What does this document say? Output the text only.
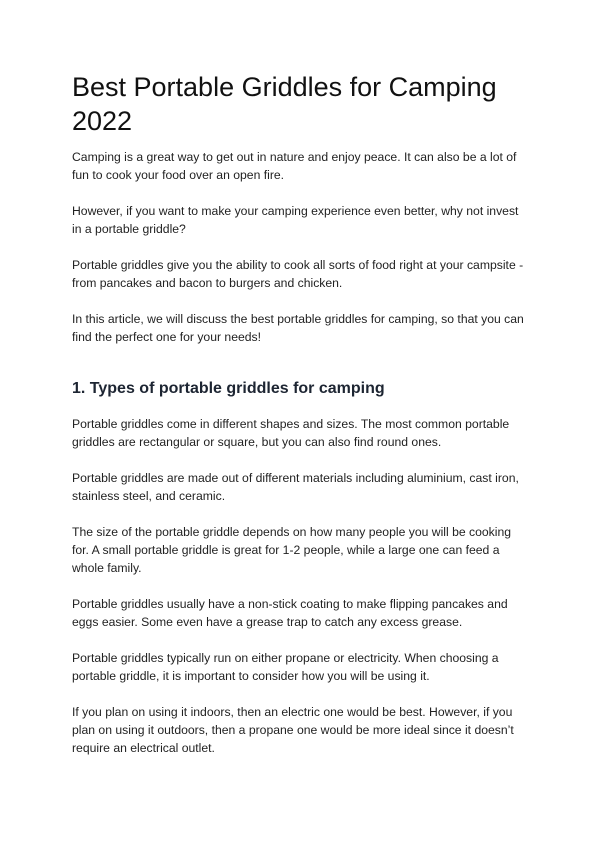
Best Portable Griddles for Camping 2022

Camping is a great way to get out in nature and enjoy peace. It can also be a lot of fun to cook your food over an open fire.

However, if you want to make your camping experience even better, why not invest in a portable griddle?

Portable griddles give you the ability to cook all sorts of food right at your campsite - from pancakes and bacon to burgers and chicken.

In this article, we will discuss the best portable griddles for camping, so that you can find the perfect one for your needs!

1. Types of portable griddles for camping

Portable griddles come in different shapes and sizes. The most common portable griddles are rectangular or square, but you can also find round ones.

Portable griddles are made out of different materials including aluminium, cast iron, stainless steel, and ceramic.

The size of the portable griddle depends on how many people you will be cooking for. A small portable griddle is great for 1-2 people, while a large one can feed a whole family.

Portable griddles usually have a non-stick coating to make flipping pancakes and eggs easier. Some even have a grease trap to catch any excess grease.

Portable griddles typically run on either propane or electricity. When choosing a portable griddle, it is important to consider how you will be using it.

If you plan on using it indoors, then an electric one would be best. However, if you plan on using it outdoors, then a propane one would be more ideal since it doesn’t require an electrical outlet.
